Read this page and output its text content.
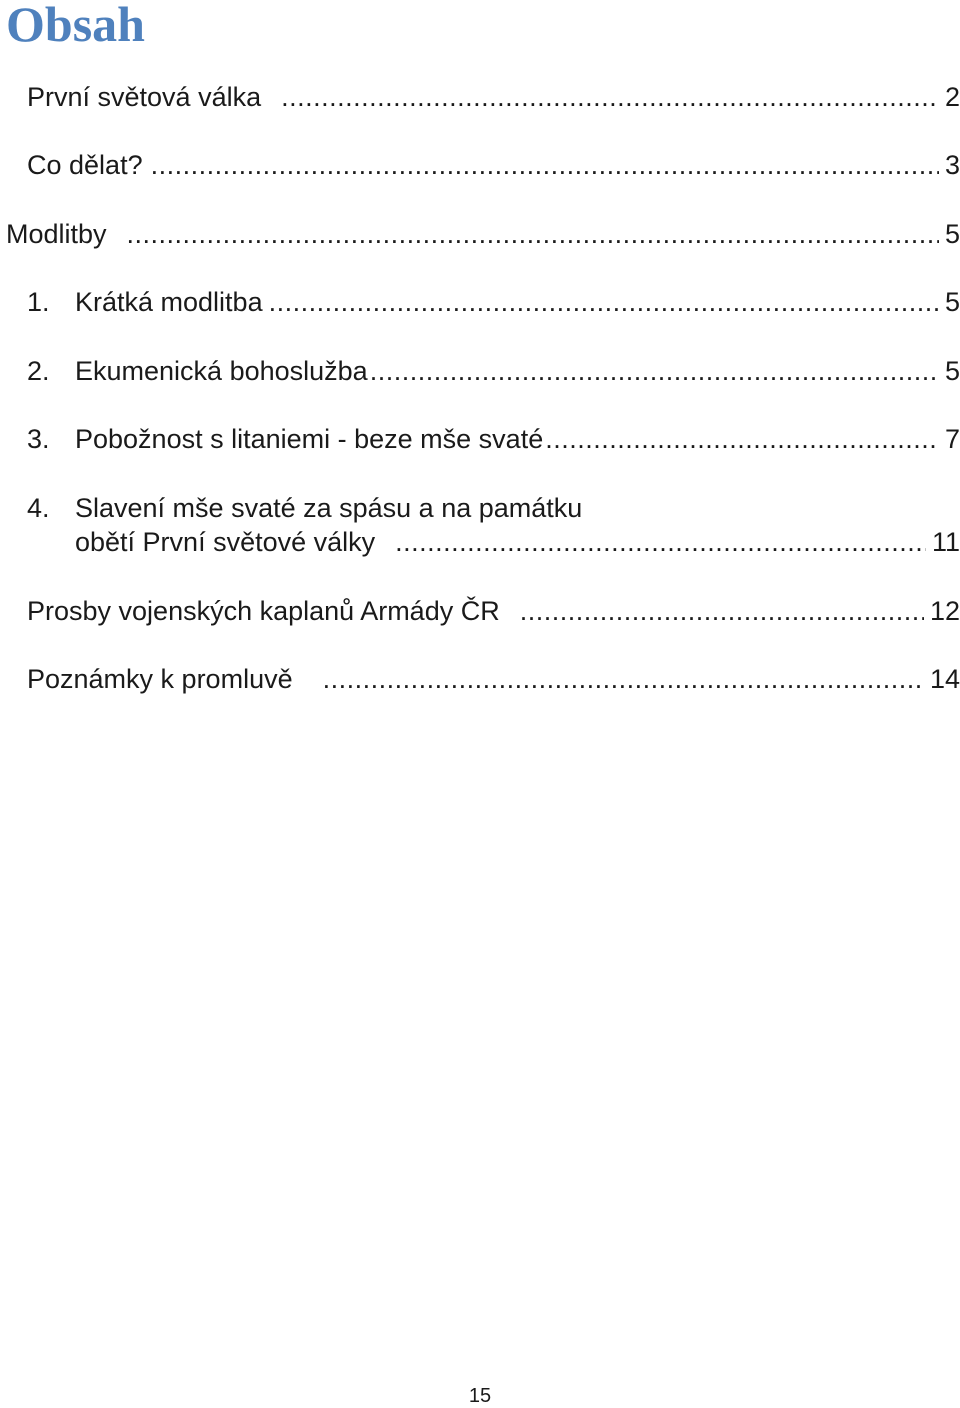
Obsah
První světová válka .....	2
Co dělat? .....	3
Modlitby .....	5
1. Krátká modlitba .....	5
2. Ekumenická bohoslužba .....	5
3. Pobožnost s litaniemi - beze mše svaté .....	7
4. Slavení mše svaté za spásu a na památku
obětí První světové války .....	11
Prosby vojenských kaplanů Armády ČR .....	12
Poznámky k promluvě .....	14
15
